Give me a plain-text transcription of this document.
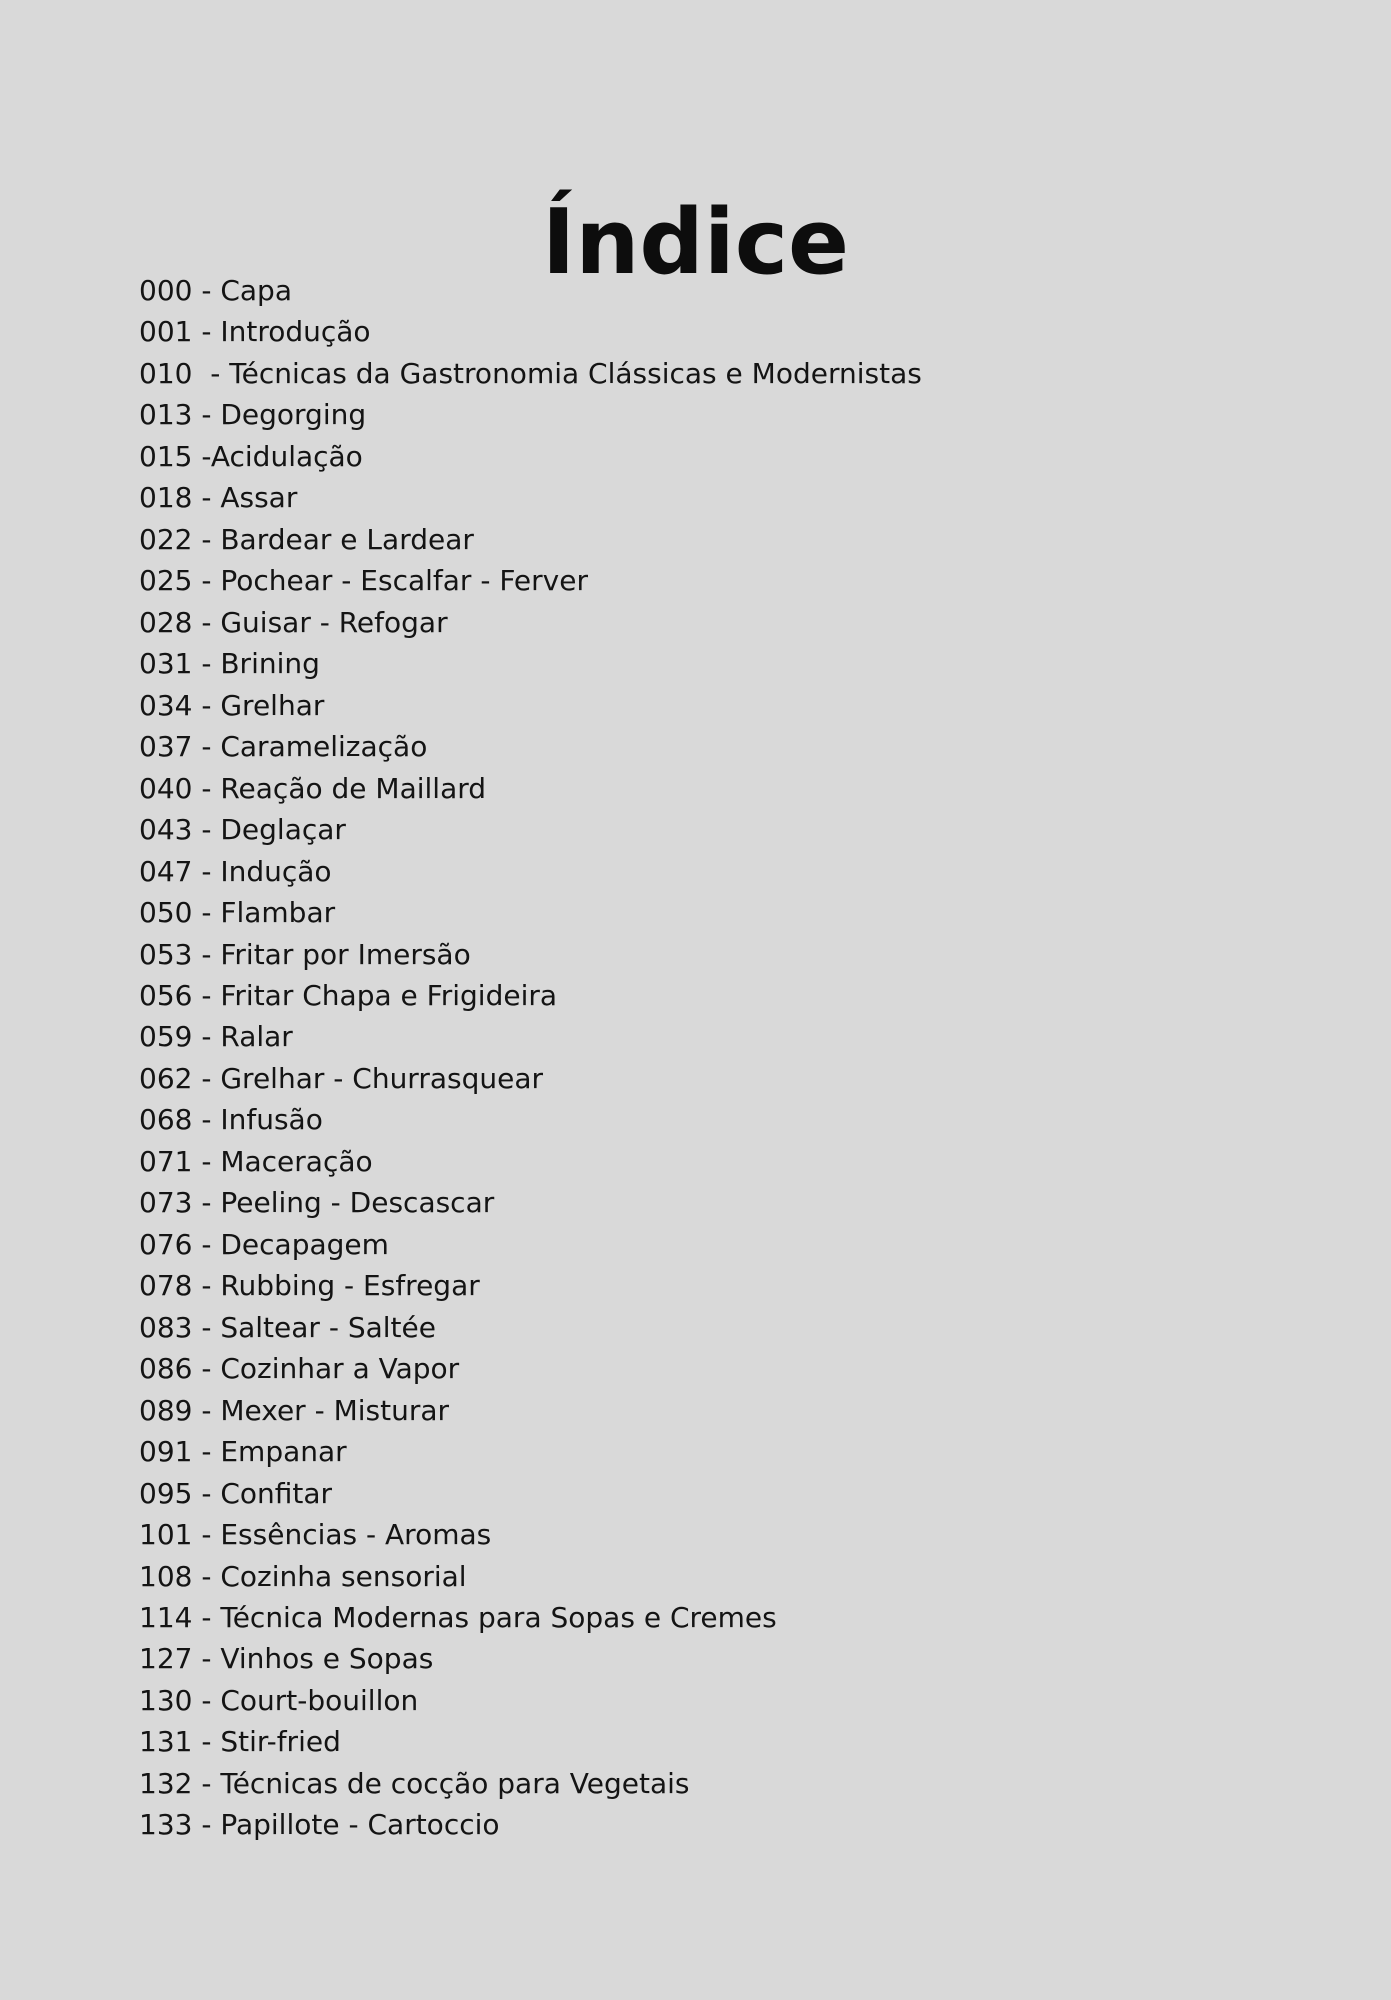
Índice
000 - Capa
001 - Introdução
010  - Técnicas da Gastronomia Clássicas e Modernistas
013 - Degorging
015 -Acidulação
018 - Assar
022 - Bardear e Lardear
025 - Pochear - Escalfar - Ferver
028 - Guisar - Refogar
031 - Brining
034 - Grelhar
037 - Caramelização
040 - Reação de Maillard
043 - Deglaçar
047 - Indução
050 - Flambar
053 - Fritar por Imersão
056 - Fritar Chapa e Frigideira
059 - Ralar
062 - Grelhar - Churrasquear
068 - Infusão
071 - Maceração
073 - Peeling - Descascar
076 - Decapagem
078 - Rubbing - Esfregar
083 - Saltear - Saltée
086 - Cozinhar a Vapor
089 - Mexer - Misturar
091 - Empanar
095 - Confitar
101 - Essências - Aromas
108 - Cozinha sensorial
114 - Técnica Modernas para Sopas e Cremes
127 - Vinhos e Sopas
130 - Court-bouillon
131 - Stir-fried
132 - Técnicas de cocção para Vegetais
133 - Papillote - Cartoccio
